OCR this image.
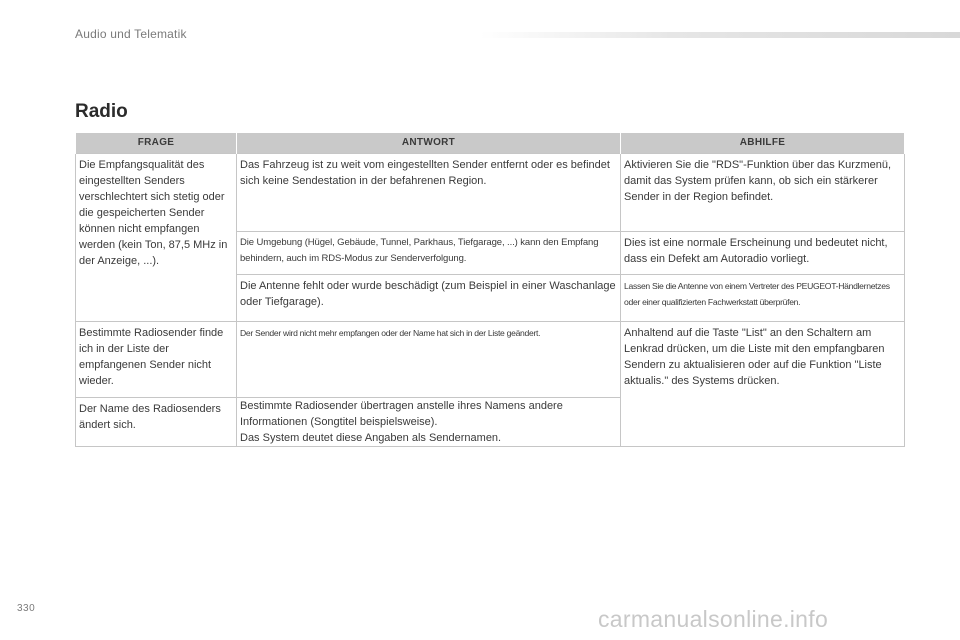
Audio und Telematik
Radio
FRAGE	ANTWORT	ABHILFE
Die Empfangsqualität des eingestellten Senders verschlechtert sich stetig oder die gespeicherten Sender können nicht empfangen werden (kein Ton, 87,5 MHz in der Anzeige, ...).	Das Fahrzeug ist zu weit vom eingestellten Sender entfernt oder es befindet sich keine Sendestation in der befahrenen Region.	Aktivieren Sie die "RDS"-Funktion über das Kurzmenü, damit das System prüfen kann, ob sich ein stärkerer Sender in der Region befindet.
	Die Umgebung (Hügel, Gebäude, Tunnel, Parkhaus, Tiefgarage, ...) kann den Empfang behindern, auch im RDS-Modus zur Senderverfolgung.	Dies ist eine normale Erscheinung und bedeutet nicht, dass ein Defekt am Autoradio vorliegt.
	Die Antenne fehlt oder wurde beschädigt (zum Beispiel in einer Waschanlage oder Tiefgarage).	Lassen Sie die Antenne von einem Vertreter des PEUGEOT-Händlernetzes oder einer qualifizierten Fachwerkstatt überprüfen.
Bestimmte Radiosender finde ich in der Liste der empfangenen Sender nicht wieder.	Der Sender wird nicht mehr empfangen oder der Name hat sich in der Liste geändert.	Anhaltend auf die Taste "List" an den Schaltern am Lenkrad drücken, um die Liste mit den empfangbaren Sendern zu aktualisieren oder auf die Funktion "Liste aktualis." des Systems drücken.
Der Name des Radiosenders ändert sich.	Bestimmte Radiosender übertragen anstelle ihres Namens andere Informationen (Songtitel beispielsweise).
Das System deutet diese Angaben als Sendernamen.	
330	carmanualsonline.info
